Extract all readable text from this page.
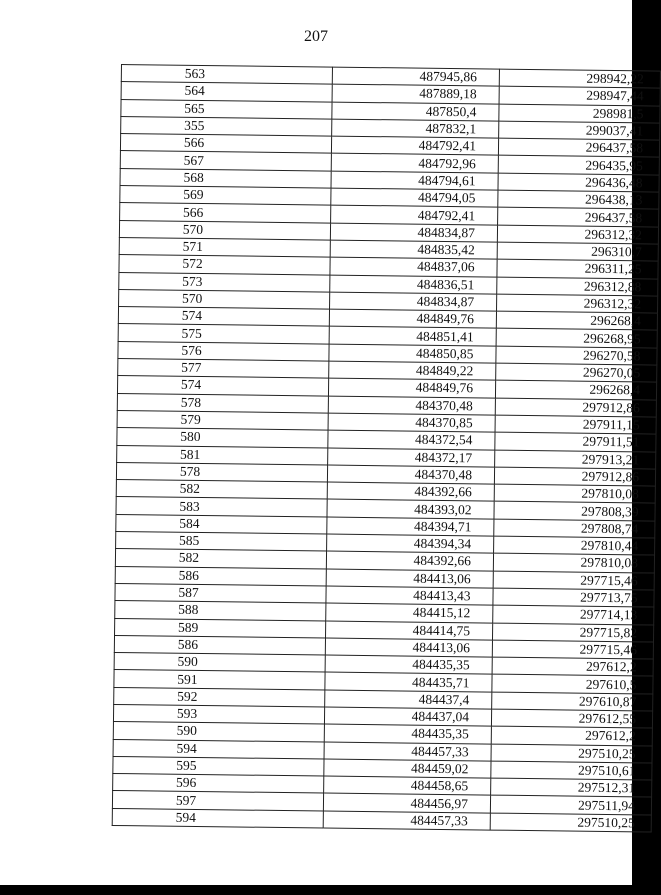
207
563	487945,86	298942,22
564	487889,18	298947,44
565	487850,4	298981,5
355	487832,1	299037,41
566	484792,41	296437,58
567	484792,96	296435,95
568	484794,61	296436,48
569	484794,05	296438,13
566	484792,41	296437,58
570	484834,87	296312,32
571	484835,42	296310,7
572	484837,06	296311,25
573	484836,51	296312,88
570	484834,87	296312,32
574	484849,76	296268,4
575	484851,41	296268,95
576	484850,85	296270,58
577	484849,22	296270,05
574	484849,76	296268,4
578	484370,48	297912,86
579	484370,85	297911,15
580	484372,54	297911,51
581	484372,17	297913,21
578	484370,48	297912,86
582	484392,66	297810,08
583	484393,02	297808,39
584	484394,71	297808,74
585	484394,34	297810,44
582	484392,66	297810,08
586	484413,06	297715,46
587	484413,43	297713,75
588	484415,12	297714,13
589	484414,75	297715,82
586	484413,06	297715,46
590	484435,35	297612,2
591	484435,71	297610,5
592	484437,4	297610,87
593	484437,04	297612,55
590	484435,35	297612,2
594	484457,33	297510,25
595	484459,02	297510,61
596	484458,65	297512,31
597	484456,97	297511,94
594	484457,33	297510,25
